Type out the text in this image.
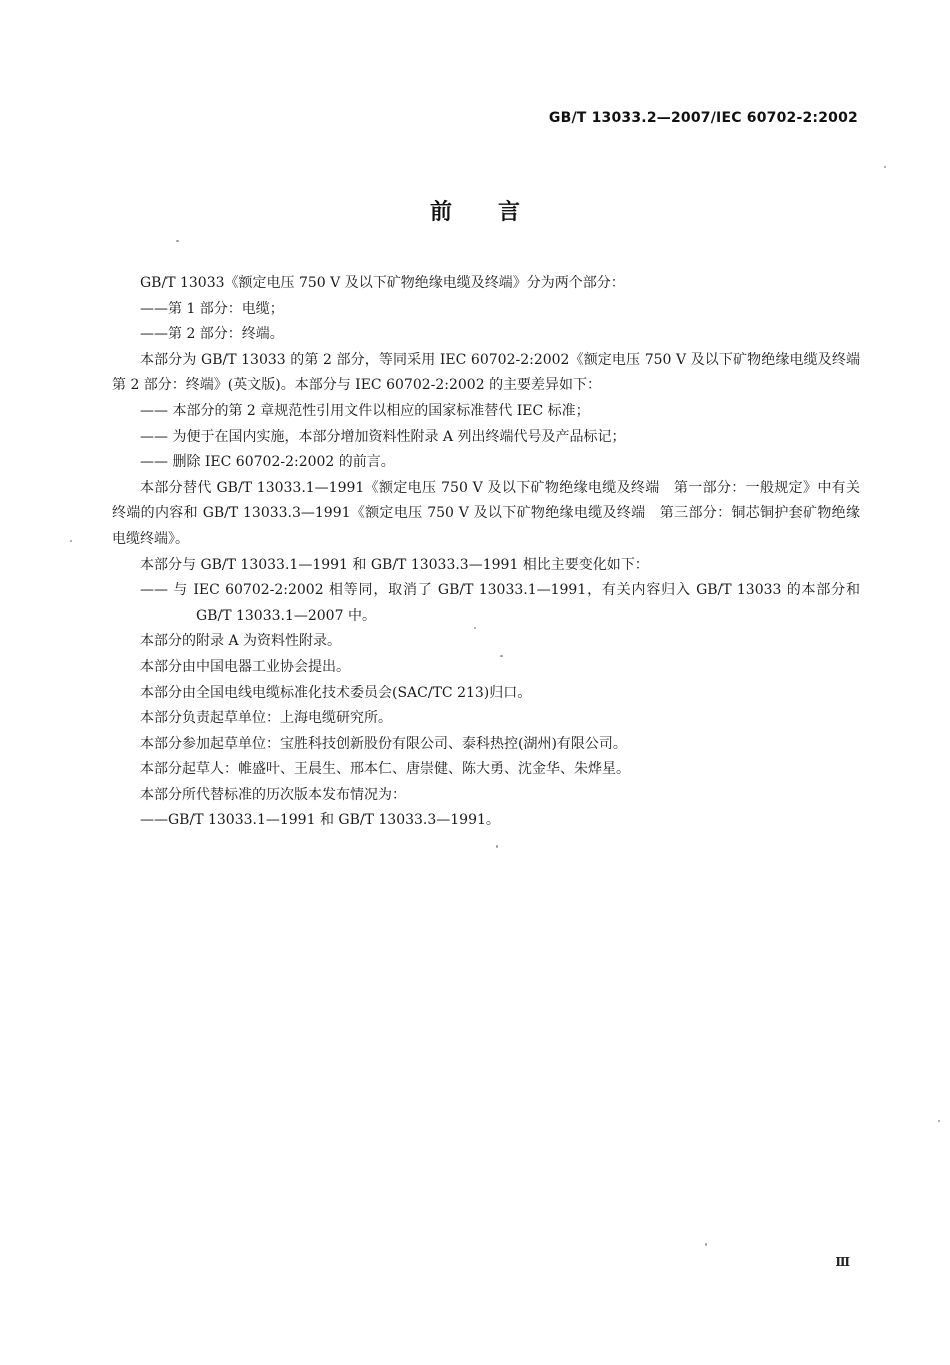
GB/T 13033.2—2007/IEC 60702-2:2002
前言

GB/T 13033《额定电压 750 V 及以下矿物绝缘电缆及终端》分为两个部分：

——第 1 部分：电缆；

——第 2 部分：终端。

本部分为 GB/T 13033 的第 2 部分，等同采用 IEC 60702-2:2002《额定电压 750 V 及以下矿物绝缘电缆及终端　第 2 部分：终端》(英文版)。本部分与 IEC 60702-2:2002 的主要差异如下：

—— 本部分的第 2 章规范性引用文件以相应的国家标准替代 IEC 标准；

—— 为便于在国内实施，本部分增加资料性附录 A 列出终端代号及产品标记；

—— 删除 IEC 60702-2:2002 的前言。

本部分替代 GB/T 13033.1—1991《额定电压 750 V 及以下矿物绝缘电缆及终端　第一部分：一般规定》中有关终端的内容和 GB/T 13033.3—1991《额定电压 750 V 及以下矿物绝缘电缆及终端　第三部分：铜芯铜护套矿物绝缘电缆终端》。

本部分与 GB/T 13033.1—1991 和 GB/T 13033.3—1991 相比主要变化如下：

—— 与 IEC 60702-2:2002 相等同，取消了 GB/T 13033.1—1991，有关内容归入 GB/T 13033 的本部分和 GB/T 13033.1—2007 中。

本部分的附录 A 为资料性附录。

本部分由中国电器工业协会提出。

本部分由全国电线电缆标准化技术委员会(SAC/TC 213)归口。

本部分负责起草单位：上海电缆研究所。

本部分参加起草单位：宝胜科技创新股份有限公司、泰科热控(湖州)有限公司。

本部分起草人：帷盛叶、王晨生、邢本仁、唐崇健、陈大勇、沈金华、朱烨星。

本部分所代替标准的历次版本发布情况为：

——GB/T 13033.1—1991 和 GB/T 13033.3—1991。

Ⅲ
